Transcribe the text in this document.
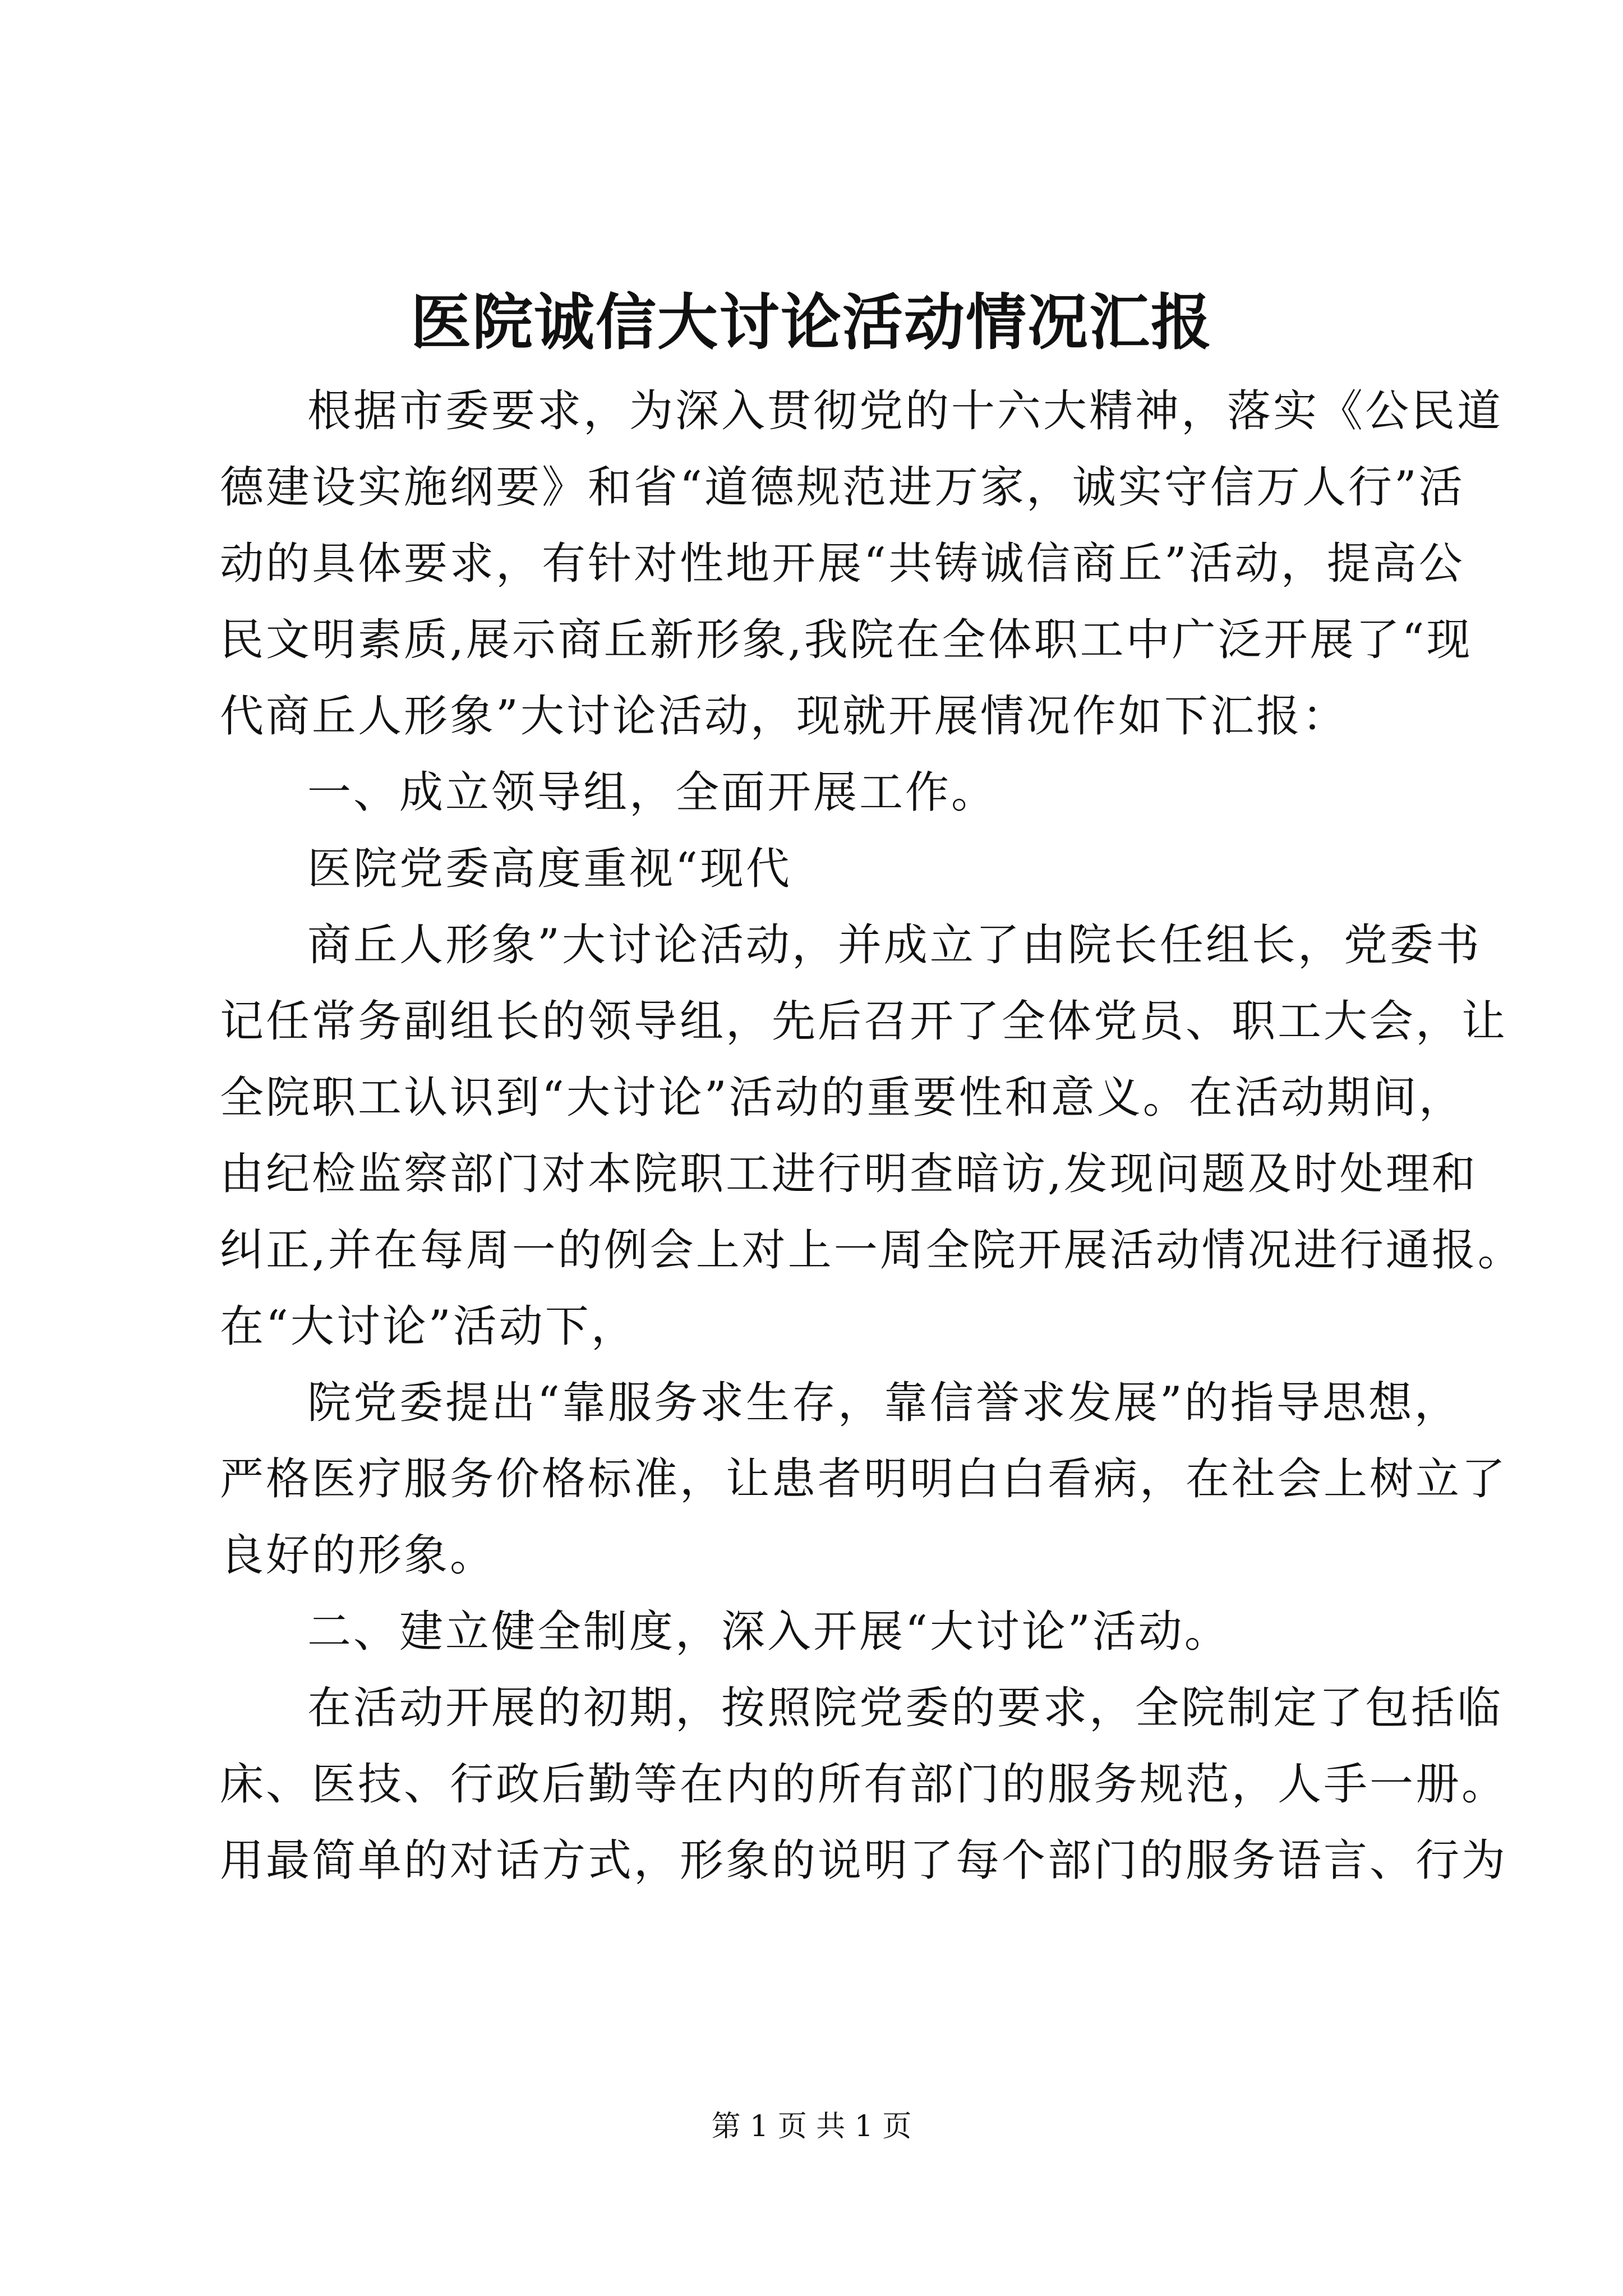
医院诚信大讨论活动情况汇报
根据市委要求，为深入贯彻党的十六大精神，落实《公民道
德建设实施纲要》和省“道德规范进万家，诚实守信万人行”活
动的具体要求，有针对性地开展“共铸诚信商丘”活动，提高公
民文明素质,展示商丘新形象,我院在全体职工中广泛开展了“现
代商丘人形象”大讨论活动，现就开展情况作如下汇报：
一、成立领导组，全面开展工作。
医院党委高度重视“现代
商丘人形象”大讨论活动，并成立了由院长任组长，党委书
记任常务副组长的领导组，先后召开了全体党员、职工大会，让
全院职工认识到“大讨论”活动的重要性和意义。在活动期间，
由纪检监察部门对本院职工进行明查暗访,发现问题及时处理和
纠正,并在每周一的例会上对上一周全院开展活动情况进行通报。
在“大讨论”活动下，
院党委提出“靠服务求生存，靠信誉求发展”的指导思想，
严格医疗服务价格标准，让患者明明白白看病，在社会上树立了
良好的形象。
二、建立健全制度，深入开展“大讨论”活动。
在活动开展的初期，按照院党委的要求，全院制定了包括临
床、医技、行政后勤等在内的所有部门的服务规范，人手一册。
用最简单的对话方式，形象的说明了每个部门的服务语言、行为
第 1 页 共 1 页
